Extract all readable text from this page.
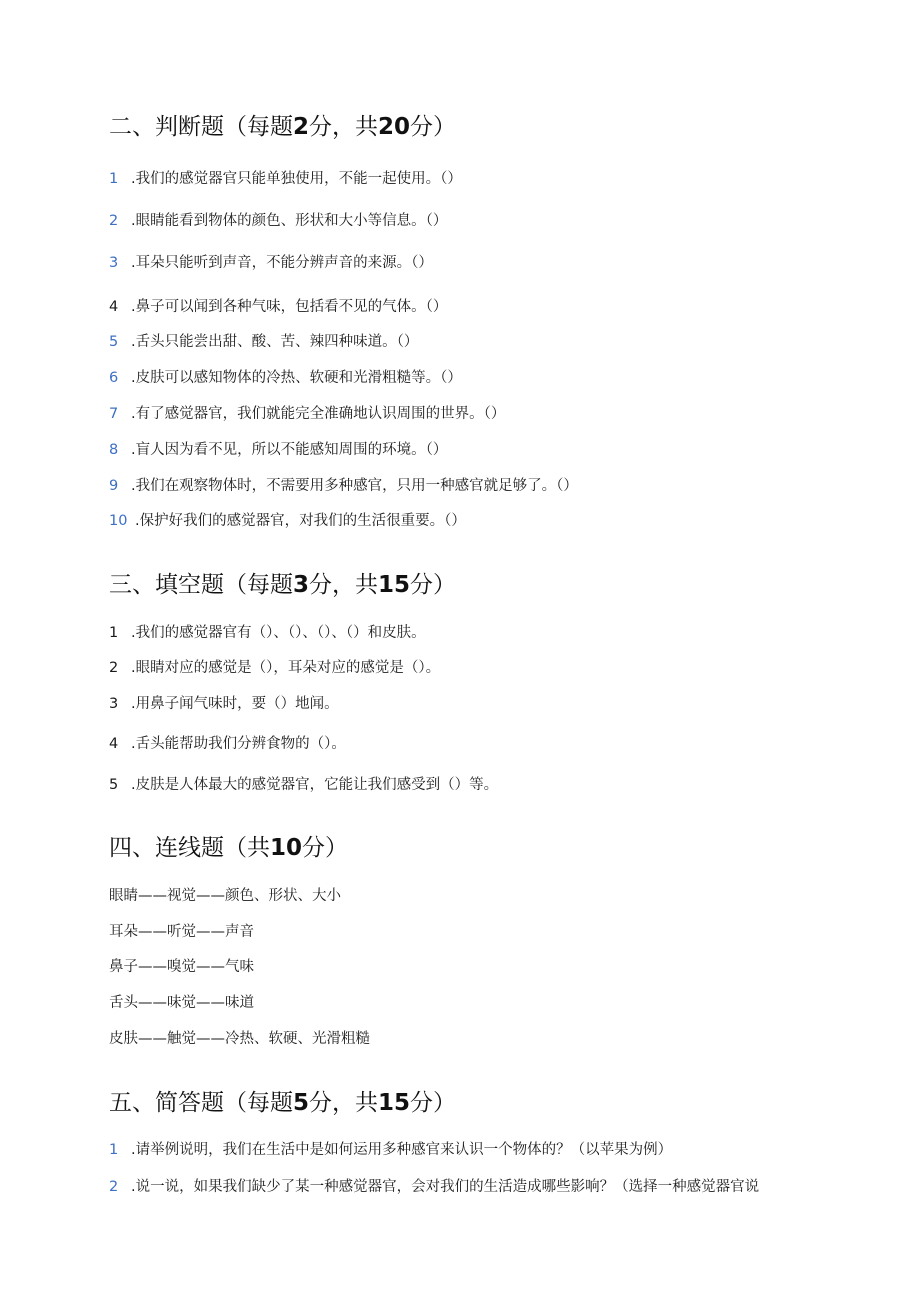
二、判断题（每题2分，共20分）
1 .我们的感觉器官只能单独使用，不能一起使用。（）
2 .眼睛能看到物体的颜色、形状和大小等信息。（）
3 .耳朵只能听到声音，不能分辨声音的来源。（）
4 .鼻子可以闻到各种气味，包括看不见的气体。（）
5 .舌头只能尝出甜、酸、苦、辣四种味道。（）
6 .皮肤可以感知物体的冷热、软硬和光滑粗糙等。（）
7 .有了感觉器官，我们就能完全准确地认识周围的世界。（）
8 .盲人因为看不见，所以不能感知周围的环境。（）
9 .我们在观察物体时，不需要用多种感官，只用一种感官就足够了。（）
10 .保护好我们的感觉器官，对我们的生活很重要。（）
三、填空题（每题3分，共15分）
1 .我们的感觉器官有（）、（）、（）、（）和皮肤。
2 .眼睛对应的感觉是（），耳朵对应的感觉是（）。
3 .用鼻子闻气味时，要（）地闻。
4 .舌头能帮助我们分辨食物的（）。
5 .皮肤是人体最大的感觉器官，它能让我们感受到（）等。
四、连线题（共10分）
眼睛——视觉——颜色、形状、大小
耳朵——听觉——声音
鼻子——嗅觉——气味
舌头——味觉——味道
皮肤——触觉——冷热、软硬、光滑粗糙
五、简答题（每题5分，共15分）
1 .请举例说明，我们在生活中是如何运用多种感官来认识一个物体的？（以苹果为例）
2 .说一说，如果我们缺少了某一种感觉器官，会对我们的生活造成哪些影响？（选择一种感觉器官说
